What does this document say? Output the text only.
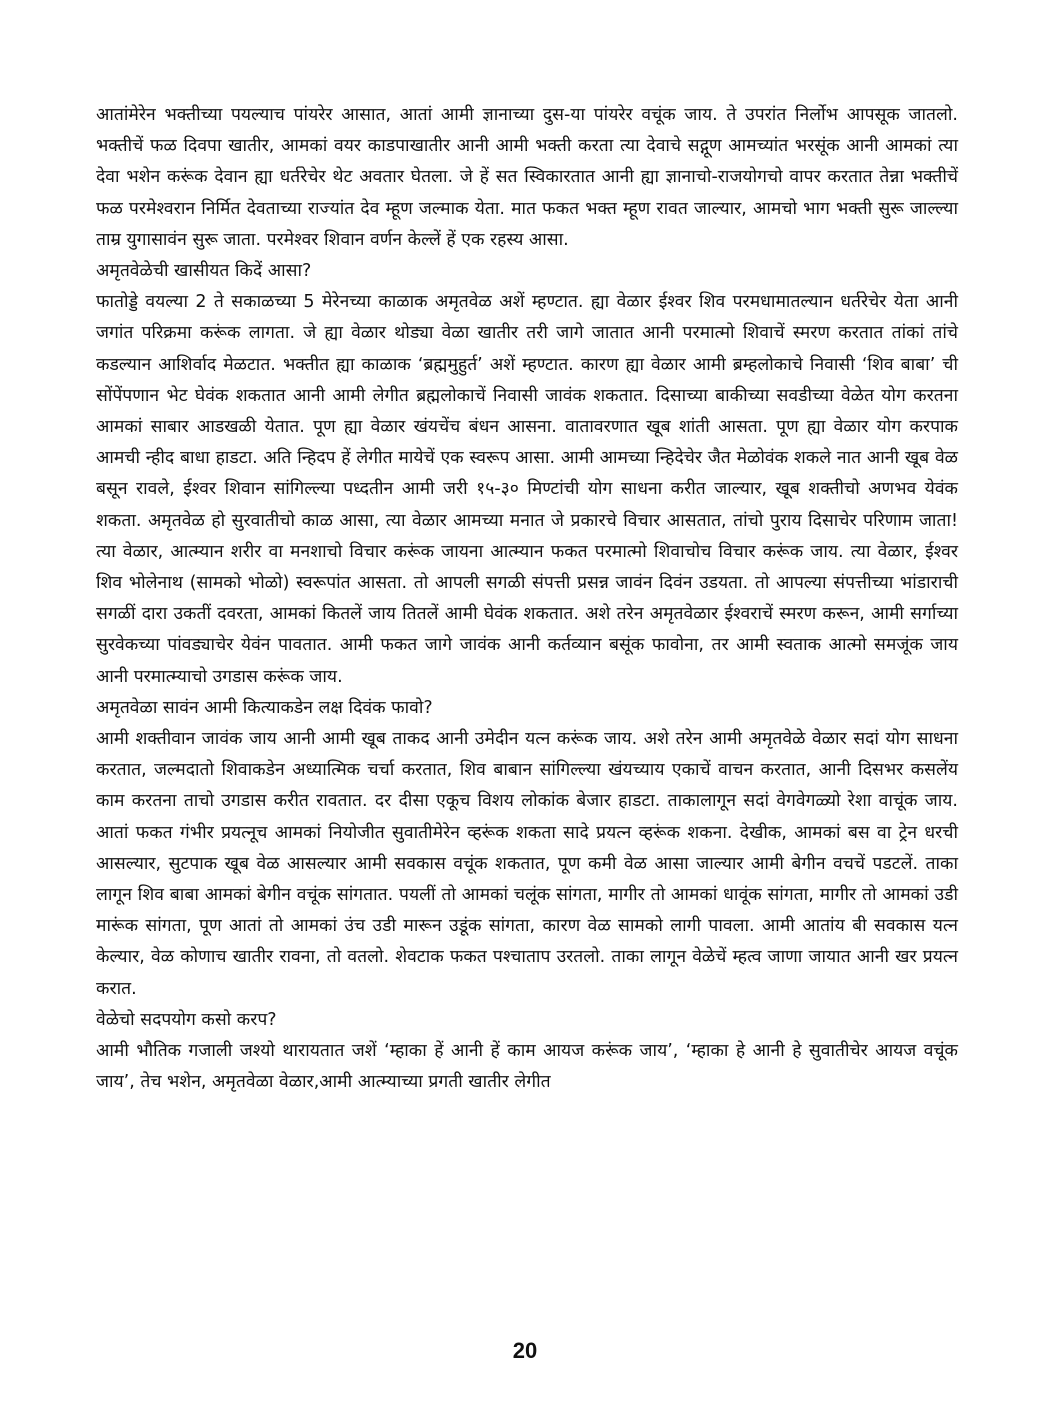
आतांमेरेन भक्तीच्या पयल्याच पांयरेर आसात, आतां आमी ज्ञानाच्या दुस-या पांयरेर वचूंक जाय. ते उपरांत निर्लोभ आपसूक जातलो. भक्तीचें फळ दिवपा खातीर, आमकां वयर काडपाखातीर आनी आमी भक्ती करता त्या देवाचे सद्गूण आमच्यांत भरसूंक आनी आमकां त्या देवा भशेन करूंक देवान ह्या धर्तरेचेर थेट अवतार घेतला. जे हें सत स्विकारतात आनी ह्या ज्ञानाचो-राजयोगचो वापर करतात तेन्ना भक्तीचें फळ परमेश्वरान निर्मित देवताच्या राज्यांत देव म्हूण जल्माक येता. मात फकत भक्त म्हूण रावत जाल्यार, आमचो भाग भक्ती सुरू जाल्ल्या ताम्र युगासावंन सुरू जाता. परमेश्वर शिवान वर्णन केल्लें हें एक रहस्य आसा.

अमृतवेळेची खासीयत किदें आसा?

फातोड्डे वयल्या 2 ते सकाळच्या 5 मेरेनच्या काळाक अमृतवेळ अशें म्हण्टात. ह्या वेळार ईश्वर शिव परमधामातल्यान धर्तरेचेर येता आनी जगांत परिक्रमा करूंक लागता. जे ह्या वेळार थोड्या वेळा खातीर तरी जागे जातात आनी परमात्मो शिवाचें स्मरण करतात तांकां तांचे कडल्यान आशिर्वाद मेळटात. भक्तीत ह्या काळाक ‘ब्रह्ममुहुर्त’ अशें म्हण्टात. कारण ह्या वेळार आमी ब्रम्हलोकाचे निवासी ‘शिव बाबा’ ची सोंपेंपणान भेट घेवंक शकतात आनी आमी लेगीत ब्रह्मलोकाचें निवासी जावंक शकतात. दिसाच्या बाकीच्या सवडीच्या वेळेत योग करतना आमकां साबार आडखळी येतात. पूण ह्या वेळार खंयचेंच बंधन आसना. वातावरणात खूब शांती आसता. पूण ह्या वेळार योग करपाक आमची न्हीद बाधा हाडटा. अति न्हिदप हें लेगीत मायेचें एक स्वरूप आसा. आमी आमच्या न्हिदेचेर जैत मेळोवंक शकले नात आनी खूब वेळ बसून रावले, ईश्वर शिवान सांगिल्ल्या पध्दतीन आमी जरी १५-३० मिण्टांची योग साधना करीत जाल्यार, खूब शक्तीचो अणभव येवंक शकता. अमृतवेळ हो सुरवातीचो काळ आसा, त्या वेळार आमच्या मनात जे प्रकारचे विचार आसतात, तांचो पुराय दिसाचेर परिणाम जाता! त्या वेळार, आत्म्यान शरीर वा मनशाचो विचार करूंक जायना आत्म्यान फकत परमात्मो शिवाचोच विचार करूंक जाय. त्या वेळार, ईश्वर शिव भोलेनाथ (सामको भोळो) स्वरूपांत आसता. तो आपली सगळी संपत्ती प्रसन्न जावंन दिवंन उडयता. तो आपल्या संपत्तीच्या भांडाराची सगळीं दारा उकतीं दवरता, आमकां कितलें जाय तितलें आमी घेवंक शकतात. अशे तरेन अमृतवेळार ईश्वराचें स्मरण करून, आमी सर्गाच्या सुरवेकच्या पांवड्याचेर येवंन पावतात. आमी फकत जागे जावंक आनी कर्तव्यान बसूंक फावोना, तर आमी स्वताक आत्मो समजूंक जाय आनी परमात्म्याचो उगडास करूंक जाय.

अमृतवेळा सावंन आमी कित्याकडेन लक्ष दिवंक फावो?

आमी शक्तीवान जावंक जाय आनी आमी खूब ताकद आनी उमेदीन यत्न करूंक जाय. अशे तरेन आमी अमृतवेळे वेळार सदां योग साधना करतात, जल्मदातो शिवाकडेन अध्यात्मिक चर्चा करतात, शिव बाबान सांगिल्ल्या खंयच्याय एकाचें वाचन करतात, आनी दिसभर कसलेंय काम करतना ताचो उगडास करीत रावतात. दर दीसा एकूच विशय लोकांक बेजार हाडटा. ताकालागून सदां वेगवेगळ्यो रेशा वाचूंक जाय. आतां फकत गंभीर प्रयत्नूच आमकां नियोजीत सुवातीमेरेन व्हरूंक शकता सादे प्रयत्न व्हरूंक शकना. देखीक, आमकां बस वा ट्रेन धरची आसल्यार, सुटपाक खूब वेळ आसल्यार आमी सवकास वचूंक शकतात, पूण कमी वेळ आसा जाल्यार आमी बेगीन वचचें पडटलें. ताका लागून शिव बाबा आमकां बेगीन वचूंक सांगतात. पयलीं तो आमकां चलूंक सांगता, मागीर तो आमकां धावूंक सांगता, मागीर तो आमकां उडी मारूंक सांगता, पूण आतां तो आमकां उंच उडी मारून उडूंक सांगता, कारण वेळ सामको लागी पावला. आमी आतांय बी सवकास यत्न केल्यार, वेळ कोणाच खातीर रावना, तो वतलो. शेवटाक फकत पश्चाताप उरतलो. ताका लागून वेळेचें म्हत्व जाणा जायात आनी खर प्रयत्न करात.

वेळेचो सदपयोग कसो करप?

आमी भौतिक गजाली जश्यो थारायतात जशें ‘म्हाका हें आनी हें काम आयज करूंक जाय’, ‘म्हाका हे आनी हे सुवातीचेर आयज वचूंक जाय’, तेच भशेन, अमृतवेळा वेळार,आमी आत्म्याच्या प्रगती खातीर लेगीत

20
